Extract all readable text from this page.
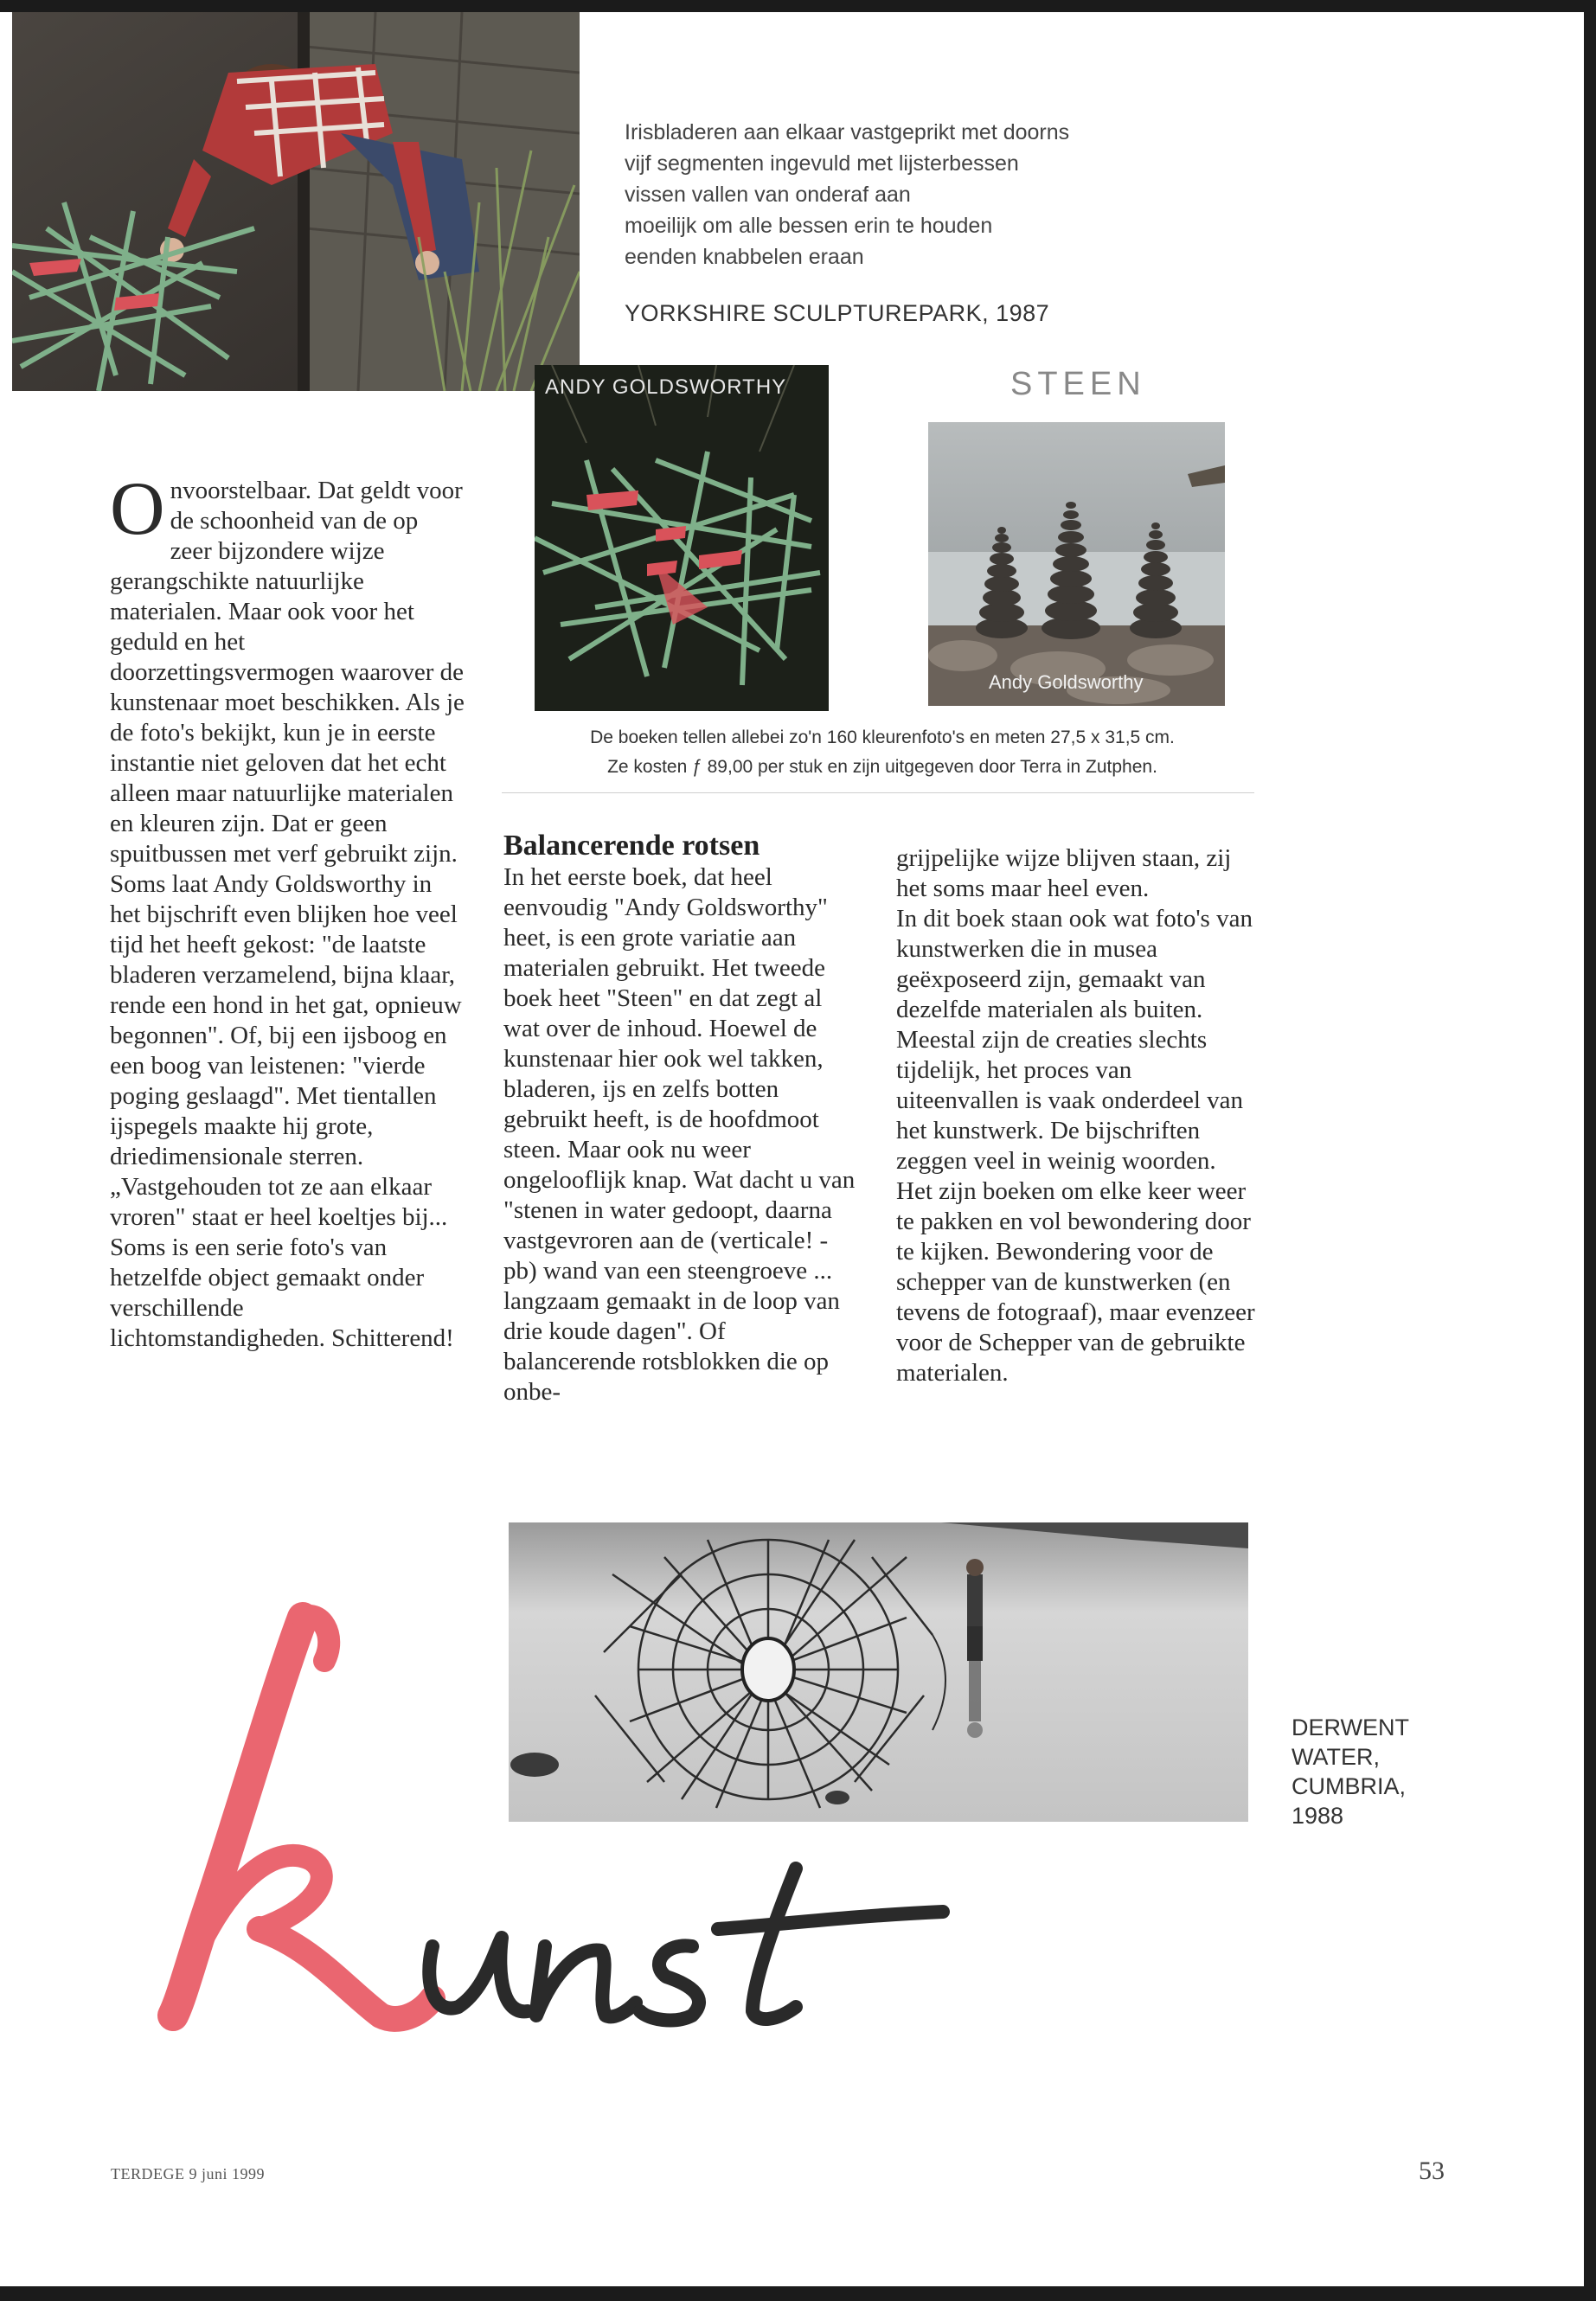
Irisbladeren aan elkaar vastgeprikt met doorns
vijf segmenten ingevuld met lijsterbessen
vissen vallen van onderaf aan
moeilijk om alle bessen erin te houden
eenden knabbelen eraan
YORKSHIRE SCULPTUREPARK, 1987
ANDY GOLDSWORTHY	STEEN
Andy Goldsworthy
De boeken tellen allebei zo'n 160 kleurenfoto's en meten 27,5 x 31,5 cm.
Ze kosten ƒ 89,00 per stuk en zijn uitgegeven door Terra in Zutphen.
O nvoorstelbaar. Dat geldt voor de schoonheid van de op zeer bijzondere wijze gerangschikte natuurlijke materialen. Maar ook voor het geduld en het doorzettingsvermogen waarover de kunstenaar moet beschikken. Als je de foto's bekijkt, kun je in eerste instantie niet geloven dat het echt alleen maar natuurlijke materialen en kleuren zijn. Dat er geen spuitbussen met verf gebruikt zijn. Soms laat Andy Goldsworthy in het bijschrift even blijken hoe veel tijd het heeft gekost: "de laatste bladeren verzamelend, bijna klaar, rende een hond in het gat, opnieuw begonnen". Of, bij een ijsboog en een boog van leistenen: "vierde poging geslaagd". Met tientallen ijspegels maakte hij grote, driedimensionale sterren. „Vastgehouden tot ze aan elkaar vroren" staat er heel koeltjes bij...

Soms is een serie foto's van hetzelfde object gemaakt onder verschillende lichtomstandigheden. Schitterend!

Balancerende rotsen

In het eerste boek, dat heel eenvoudig "Andy Goldsworthy" heet, is een grote variatie aan materialen gebruikt. Het tweede boek heet "Steen" en dat zegt al wat over de inhoud. Hoewel de kunstenaar hier ook wel takken, bladeren, ijs en zelfs botten gebruikt heeft, is de hoofdmoot steen. Maar ook nu weer ongelooflijk knap. Wat dacht u van "stenen in water gedoopt, daarna vastgevroren aan de (verticale! - pb) wand van een steengroeve ... langzaam gemaakt in de loop van drie koude dagen". Of balancerende rotsblokken die op onbe-

grijpelijke wijze blijven staan, zij het soms maar heel even.

In dit boek staan ook wat foto's van kunstwerken die in musea geëxposeerd zijn, gemaakt van dezelfde materialen als buiten. Meestal zijn de creaties slechts tijdelijk, het proces van uiteenvallen is vaak onderdeel van het kunstwerk. De bijschriften zeggen veel in weinig woorden.

Het zijn boeken om elke keer weer te pakken en vol bewondering door te kijken. Bewondering voor de schepper van de kunstwerken (en tevens de fotograaf), maar evenzeer voor de Schepper van de gebruikte materialen.

DERWENT
WATER,
CUMBRIA,
1988
TERDEGE 9 juni 1999	53
